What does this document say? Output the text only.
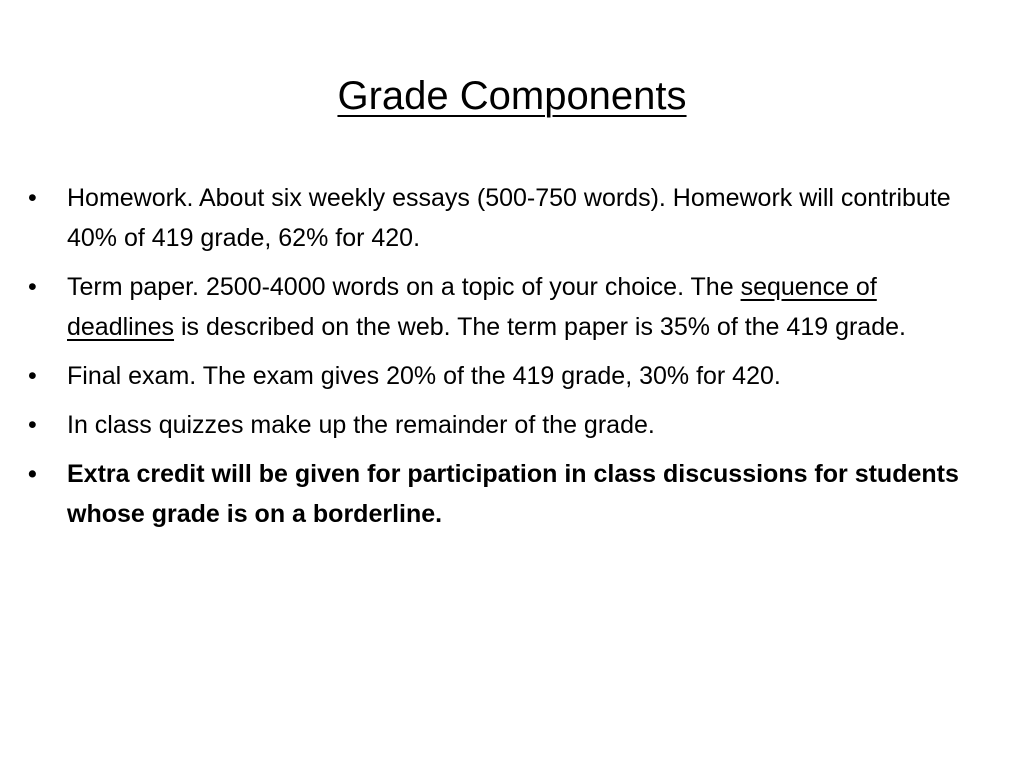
Grade Components
•	Homework. About six weekly essays (500-750 words). Homework will contribute 40% of 419 grade, 62% for 420.
•	Term paper. 2500-4000 words on a topic of your choice. The sequence of deadlines is described on the web. The term paper is 35% of the 419 grade.
•	Final exam. The exam gives 20% of the 419 grade, 30% for 420.
•	In class quizzes make up the remainder of the grade.
•	Extra credit will be given for participation in class discussions for students whose grade is on a borderline.
